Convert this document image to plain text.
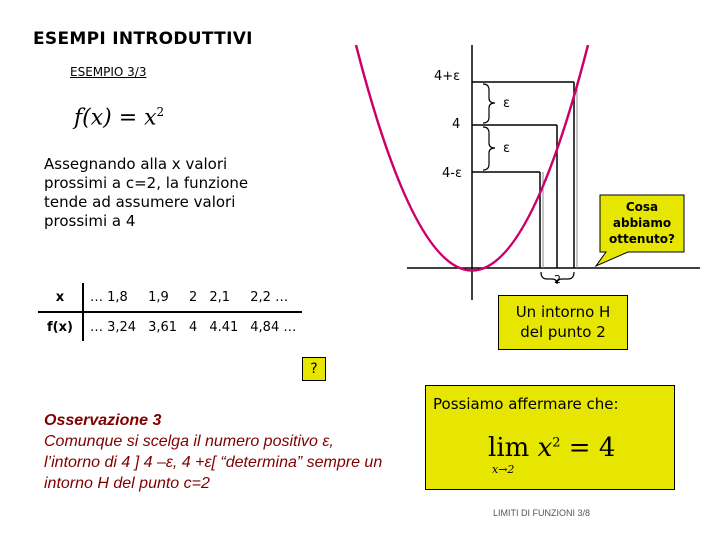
ESEMPI INTRODUTTIVI
ESEMPIO 3/3
$f(x) = x^2$
Assegnando alla x valori prossimi a c=2, la funzione tende ad assumere valori prossimi a 4
x	… 1,8	1,9	2	2,1	2,2 …
f(x)	… 3,24	3,61	4	4.41	4,84 …
?
Osservazione 3
Comunque si scelga il numero positivo ε, l’intorno di 4 ] 4 –ε, 4 +ε[ “determina” sempre un intorno H del punto c=2
4+ε
4
4-ε
ε
ε
2
Cosa
abbiamo
ottenuto?
Un intorno H
del punto 2
Possiamo affermare che:
$\lim x^2 = 4$
x→2
LIMITI DI FUNZIONI 3/8
